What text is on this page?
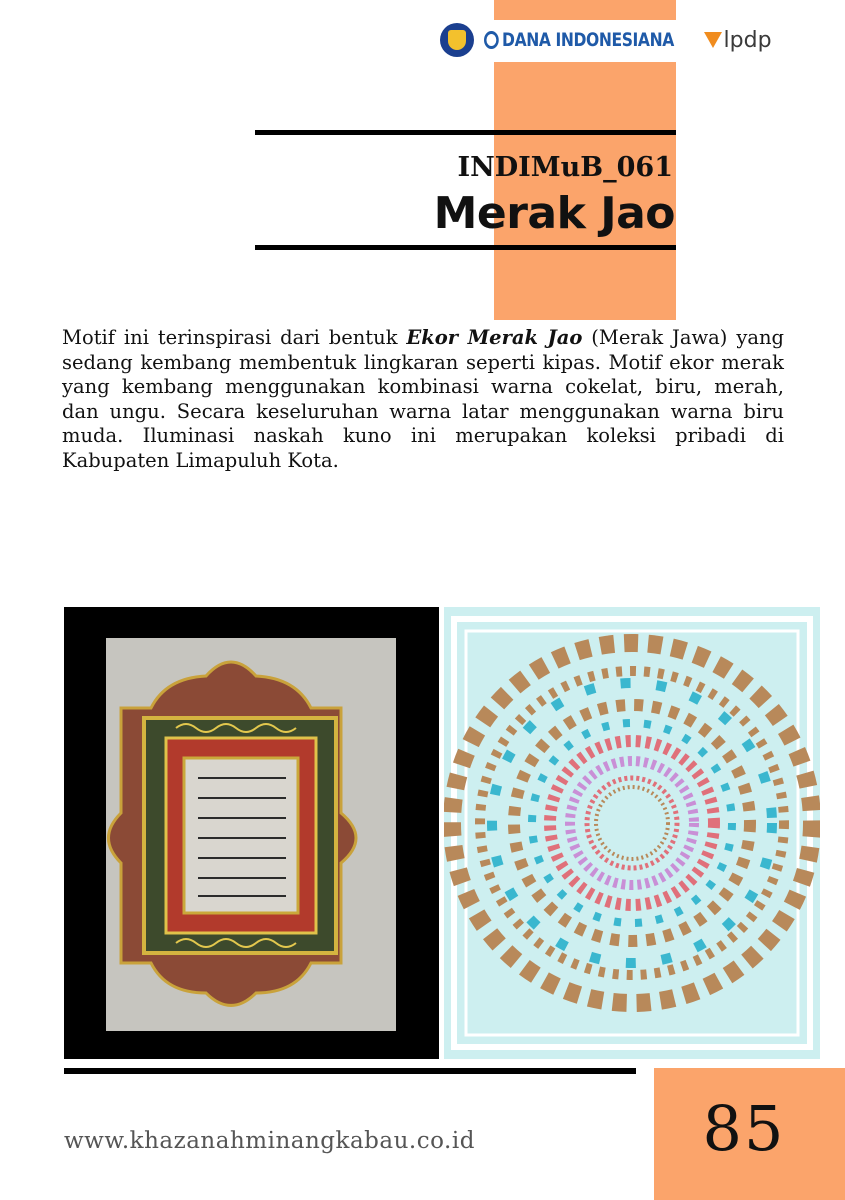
DANA INDONESIANA lpdp
INDIMuB_061
Merak Jao

Motif ini terinspirasi dari bentuk Ekor Merak Jao (Merak Jawa) yang sedang kembang membentuk lingkaran seperti kipas. Motif ekor merak yang kembang menggunakan kombinasi warna cokelat, biru, merah, dan ungu. Secara keseluruhan warna latar menggunakan warna biru muda. Iluminasi naskah kuno ini merupakan koleksi pribadi di Kabupaten Limapuluh Kota.

85
www.khazanahminangkabau.co.id
